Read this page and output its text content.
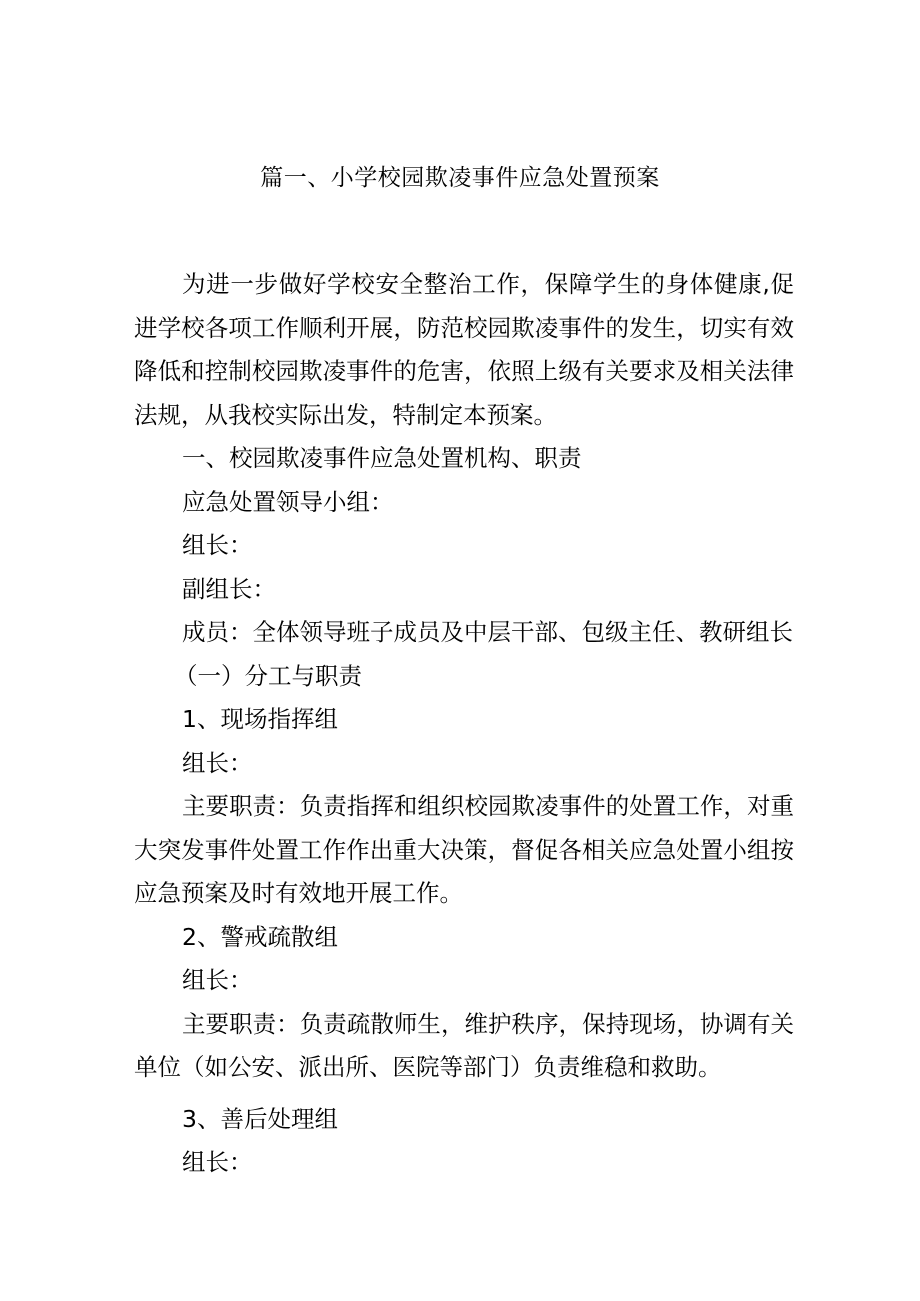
篇一、小学校园欺凌事件应急处置预案

为进一步做好学校安全整治工作，保障学生的身体健康,促进学校各项工作顺利开展，防范校园欺凌事件的发生，切实有效降低和控制校园欺凌事件的危害，依照上级有关要求及相关法律法规，从我校实际出发，特制定本预案。

一、校园欺凌事件应急处置机构、职责

应急处置领导小组：

组长：

副组长：

成员：全体领导班子成员及中层干部、包级主任、教研组长

（一）分工与职责

1、现场指挥组

组长：

主要职责：负责指挥和组织校园欺凌事件的处置工作，对重大突发事件处置工作作出重大决策，督促各相关应急处置小组按应急预案及时有效地开展工作。

2、警戒疏散组

组长：

主要职责：负责疏散师生，维护秩序，保持现场，协调有关单位（如公安、派出所、医院等部门）负责维稳和救助。

3、善后处理组

组长：
